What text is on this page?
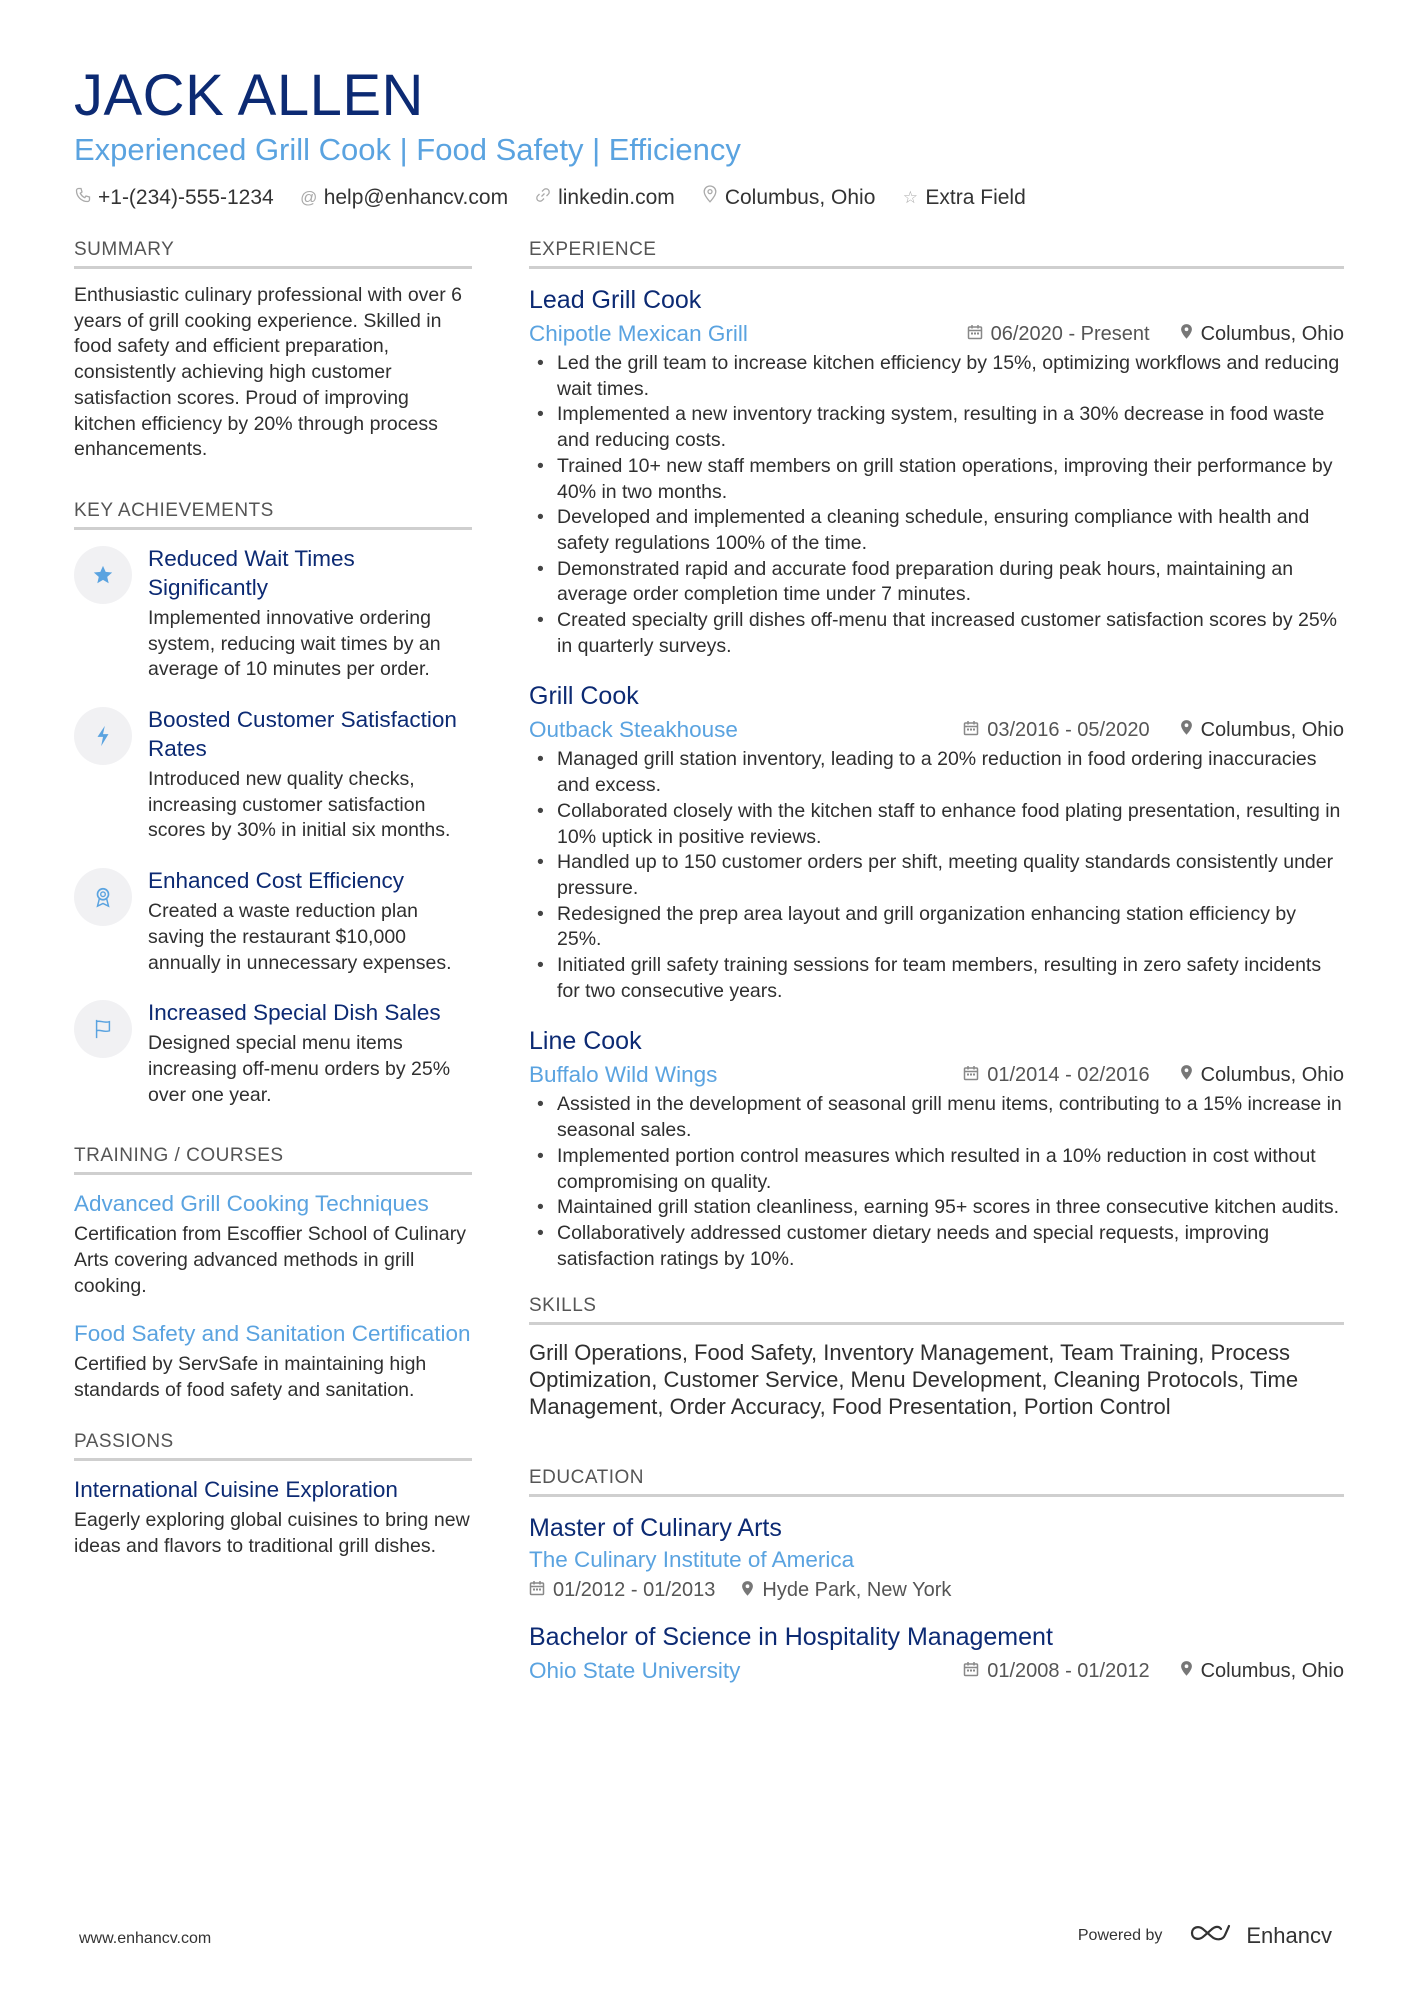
JACK ALLEN
Experienced Grill Cook | Food Safety | Efficiency
+1-(234)-555-1234 @ help@enhancv.com linkedin.com Columbus, Ohio ☆ Extra Field
SUMMARY
Enthusiastic culinary professional with over 6 years of grill cooking experience. Skilled in food safety and efficient preparation, consistently achieving high customer satisfaction scores. Proud of improving kitchen efficiency by 20% through process enhancements.
KEY ACHIEVEMENTS
Reduced Wait Times Significantly
Implemented innovative ordering system, reducing wait times by an average of 10 minutes per order.
Boosted Customer Satisfaction Rates
Introduced new quality checks, increasing customer satisfaction scores by 30% in initial six months.
Enhanced Cost Efficiency
Created a waste reduction plan saving the restaurant $10,000 annually in unnecessary expenses.
Increased Special Dish Sales
Designed special menu items increasing off-menu orders by 25% over one year.
TRAINING / COURSES
Advanced Grill Cooking Techniques
Certification from Escoffier School of Culinary Arts covering advanced methods in grill cooking.
Food Safety and Sanitation Certification
Certified by ServSafe in maintaining high standards of food safety and sanitation.
PASSIONS
International Cuisine Exploration
Eagerly exploring global cuisines to bring new ideas and flavors to traditional grill dishes.
EXPERIENCE
Lead Grill Cook
Chipotle Mexican Grill	06/2020 - Present	Columbus, Ohio
• Led the grill team to increase kitchen efficiency by 15%, optimizing workflows and reducing wait times.
• Implemented a new inventory tracking system, resulting in a 30% decrease in food waste and reducing costs.
• Trained 10+ new staff members on grill station operations, improving their performance by 40% in two months.
• Developed and implemented a cleaning schedule, ensuring compliance with health and safety regulations 100% of the time.
• Demonstrated rapid and accurate food preparation during peak hours, maintaining an average order completion time under 7 minutes.
• Created specialty grill dishes off-menu that increased customer satisfaction scores by 25% in quarterly surveys.
Grill Cook
Outback Steakhouse	03/2016 - 05/2020	Columbus, Ohio
• Managed grill station inventory, leading to a 20% reduction in food ordering inaccuracies and excess.
• Collaborated closely with the kitchen staff to enhance food plating presentation, resulting in 10% uptick in positive reviews.
• Handled up to 150 customer orders per shift, meeting quality standards consistently under pressure.
• Redesigned the prep area layout and grill organization enhancing station efficiency by 25%.
• Initiated grill safety training sessions for team members, resulting in zero safety incidents for two consecutive years.
Line Cook
Buffalo Wild Wings	01/2014 - 02/2016	Columbus, Ohio
• Assisted in the development of seasonal grill menu items, contributing to a 15% increase in seasonal sales.
• Implemented portion control measures which resulted in a 10% reduction in cost without compromising on quality.
• Maintained grill station cleanliness, earning 95+ scores in three consecutive kitchen audits.
• Collaboratively addressed customer dietary needs and special requests, improving satisfaction ratings by 10%.
SKILLS
Grill Operations, Food Safety, Inventory Management, Team Training, Process Optimization, Customer Service, Menu Development, Cleaning Protocols, Time Management, Order Accuracy, Food Presentation, Portion Control
EDUCATION
Master of Culinary Arts
The Culinary Institute of America
01/2012 - 01/2013 Hyde Park, New York
Bachelor of Science in Hospitality Management
Ohio State University	01/2008 - 01/2012	Columbus, Ohio
www.enhancv.com	Powered by	Enhancv
